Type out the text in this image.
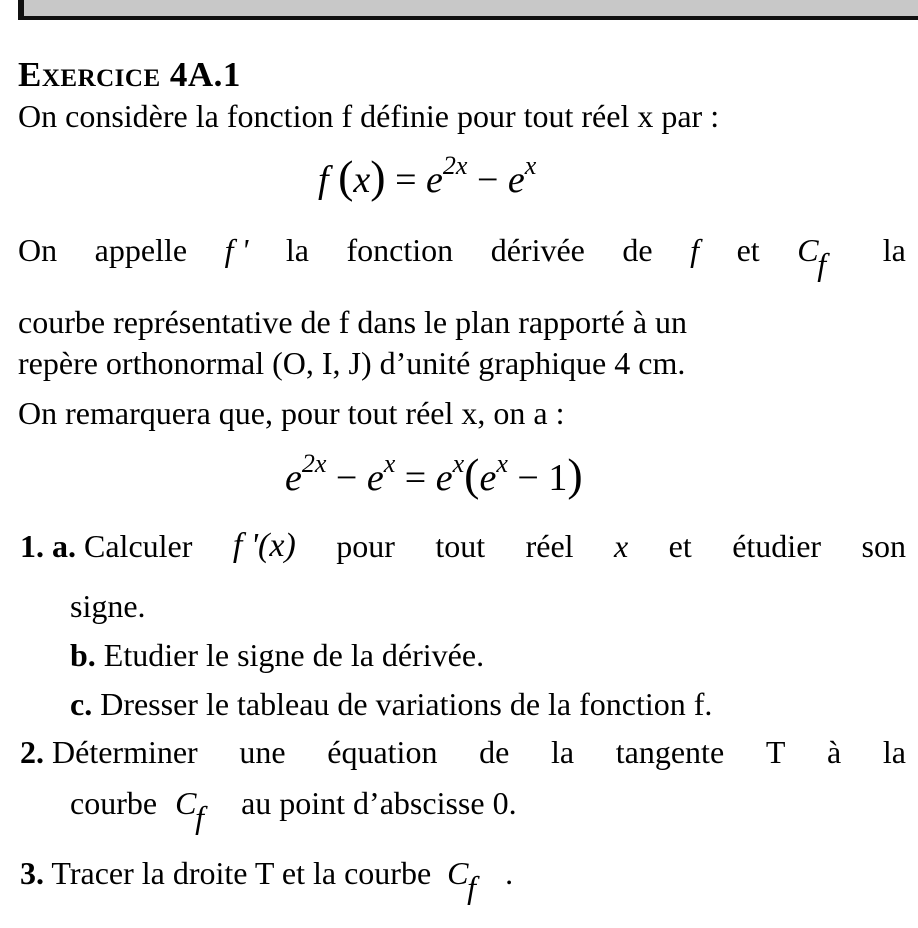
Exercice 4A.1
On considère la fonction f définie pour tout réel x par :
f $(x) = e^{2x} - e^x$
On appelle f ' la fonction dérivée de f et C
f la
courbe représentative de f dans le plan rapporté à un
repère orthonormal (O, I, J) d’unité graphique 4 cm.
On remarquera que, pour tout réel x, on a :
$e^{2x} - e^x = e^x(e^x - 1)$
1. a. Calculer f '(x) pour tout réel x et étudier son
signe.
b. Etudier le signe de la dérivée.
c. Dresser le tableau de variations de la fonction f.
2. Déterminer une équation de la tangente T à la
courbe C
f au point d’abscisse 0.
3. Tracer la droite T et la courbe C
f .
